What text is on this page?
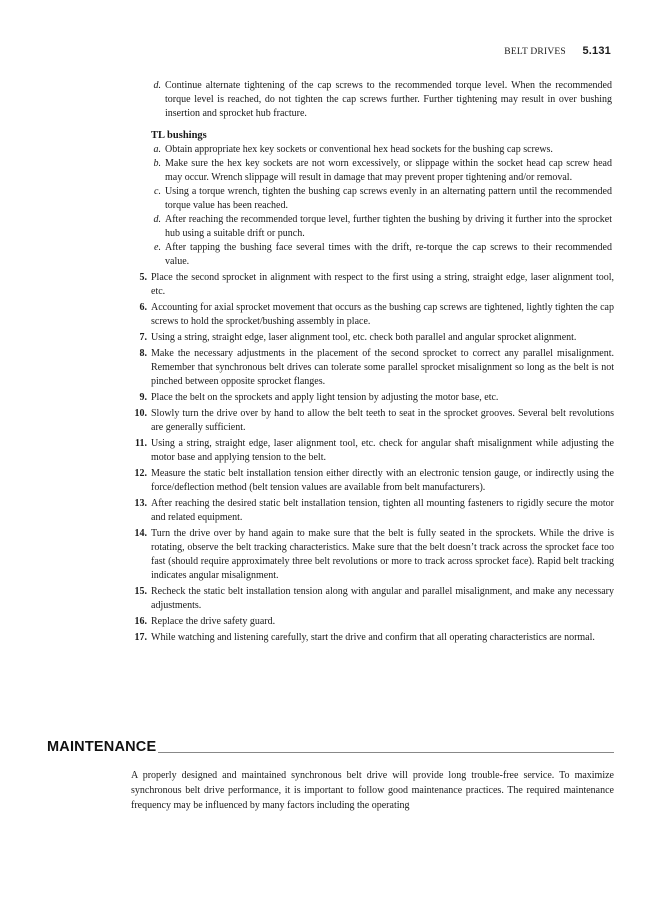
BELT DRIVES 5.131
d. Continue alternate tightening of the cap screws to the recommended torque level. When the recommended torque level is reached, do not tighten the cap screws further. Further tightening may result in over bushing insertion and sprocket hub fracture.
TL bushings
a. Obtain appropriate hex key sockets or conventional hex head sockets for the bushing cap screws.
b. Make sure the hex key sockets are not worn excessively, or slippage within the socket head cap screw head may occur. Wrench slippage will result in damage that may prevent proper tightening and/or removal.
c. Using a torque wrench, tighten the bushing cap screws evenly in an alternating pattern until the recommended torque value has been reached.
d. After reaching the recommended torque level, further tighten the bushing by driving it further into the sprocket hub using a suitable drift or punch.
e. After tapping the bushing face several times with the drift, re-torque the cap screws to their recommended value.
5. Place the second sprocket in alignment with respect to the first using a string, straight edge, laser alignment tool, etc.
6. Accounting for axial sprocket movement that occurs as the bushing cap screws are tightened, lightly tighten the cap screws to hold the sprocket/bushing assembly in place.
7. Using a string, straight edge, laser alignment tool, etc. check both parallel and angular sprocket alignment.
8. Make the necessary adjustments in the placement of the second sprocket to correct any parallel misalignment. Remember that synchronous belt drives can tolerate some parallel sprocket misalignment so long as the belt is not pinched between opposite sprocket flanges.
9. Place the belt on the sprockets and apply light tension by adjusting the motor base, etc.
10. Slowly turn the drive over by hand to allow the belt teeth to seat in the sprocket grooves. Several belt revolutions are generally sufficient.
11. Using a string, straight edge, laser alignment tool, etc. check for angular shaft misalignment while adjusting the motor base and applying tension to the belt.
12. Measure the static belt installation tension either directly with an electronic tension gauge, or indirectly using the force/deflection method (belt tension values are available from belt manufacturers).
13. After reaching the desired static belt installation tension, tighten all mounting fasteners to rigidly secure the motor and related equipment.
14. Turn the drive over by hand again to make sure that the belt is fully seated in the sprockets. While the drive is rotating, observe the belt tracking characteristics. Make sure that the belt doesn’t track across the sprocket face too fast (should require approximately three belt revolutions or more to track across sprocket face). Rapid belt tracking indicates angular misalignment.
15. Recheck the static belt installation tension along with angular and parallel misalignment, and make any necessary adjustments.
16. Replace the drive safety guard.
17. While watching and listening carefully, start the drive and confirm that all operating characteristics are normal.
MAINTENANCE
A properly designed and maintained synchronous belt drive will provide long trouble-free service. To maximize synchronous belt drive performance, it is important to follow good maintenance practices. The required maintenance frequency may be influenced by many factors including the operating
